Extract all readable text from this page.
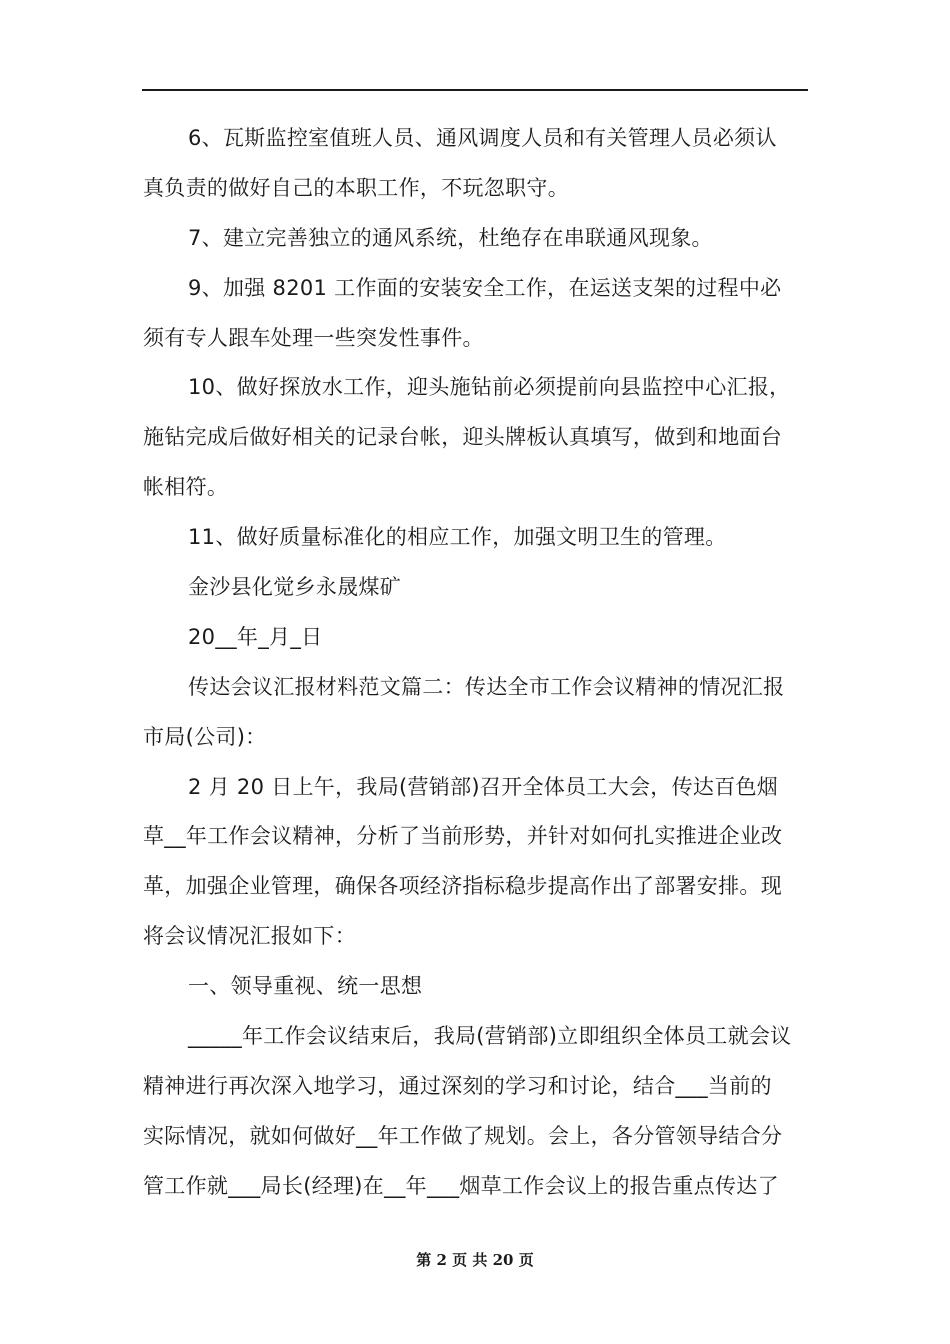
6、瓦斯监控室值班人员、通风调度人员和有关管理人员必须认
真负责的做好自己的本职工作，不玩忽职守。
7、建立完善独立的通风系统，杜绝存在串联通风现象。
9、加强 8201 工作面的安装安全工作，在运送支架的过程中必
须有专人跟车处理一些突发性事件。
10、做好探放水工作，迎头施钻前必须提前向县监控中心汇报，
施钻完成后做好相关的记录台帐，迎头牌板认真填写，做到和地面台
帐相符。
11、做好质量标准化的相应工作，加强文明卫生的管理。
金沙县化觉乡永晟煤矿
20__年_月_日
传达会议汇报材料范文篇二：传达全市工作会议精神的情况汇报
市局(公司)：
2 月 20 日上午，我局(营销部)召开全体员工大会，传达百色烟
草__年工作会议精神，分析了当前形势，并针对如何扎实推进企业改
革，加强企业管理，确保各项经济指标稳步提高作出了部署安排。现
将会议情况汇报如下：
一、领导重视、统一思想
_____年工作会议结束后，我局(营销部)立即组织全体员工就会议
精神进行再次深入地学习，通过深刻的学习和讨论，结合___当前的
实际情况，就如何做好__年工作做了规划。会上，各分管领导结合分
管工作就___局长(经理)在__年___烟草工作会议上的报告重点传达了
第 2 页 共 20 页
